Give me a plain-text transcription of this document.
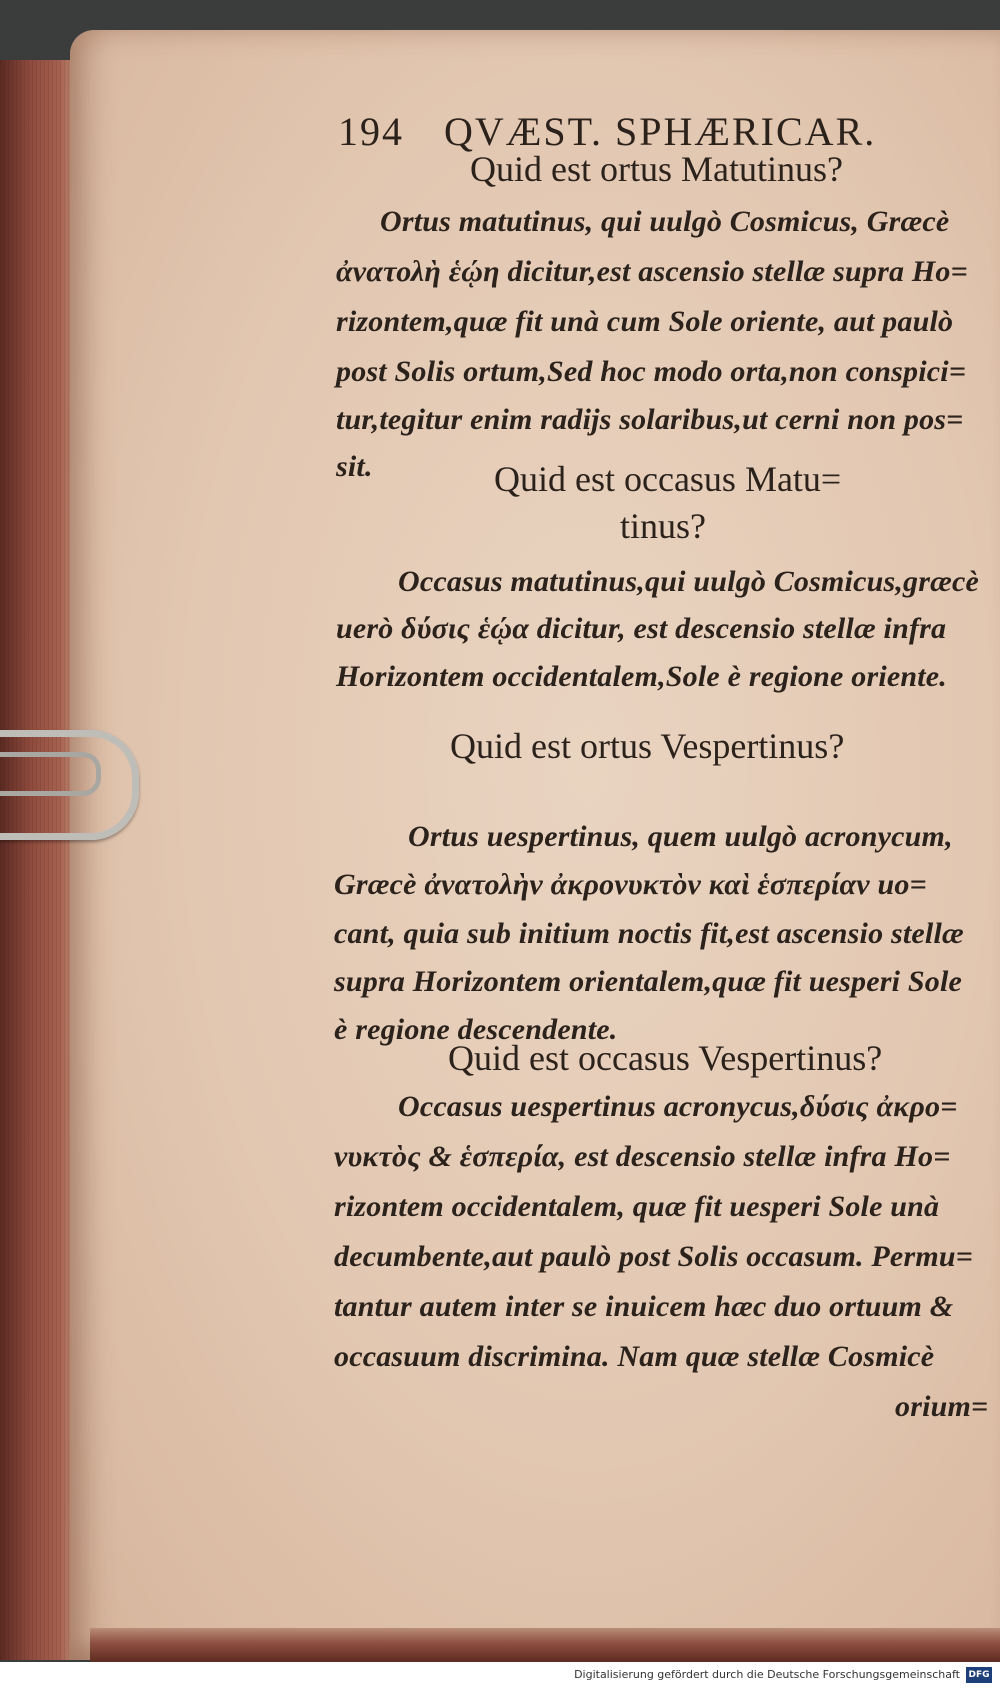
194 QVÆST. SPHÆRICAR.
Quid est ortus Matutinus?
Ortus matutinus, qui uulgò Cosmicus, Græcè
ἀνατολὴ ἑῴη dicitur,est ascensio stellæ supra Ho=
rizontem,quæ fit unà cum Sole oriente, aut paulò
post Solis ortum,Sed hoc modo orta,non conspici=
tur,tegitur enim radijs solaribus,ut cerni non pos=
sit.	Quid est occasus Matu=
tinus?
Occasus matutinus,qui uulgò Cosmicus,græcè
uerò δύσις ἑῴα dicitur, est descensio stellæ infra
Horizontem occidentalem,Sole è regione oriente.
Quid est ortus Vespertinus?
Ortus uespertinus, quem uulgò acronycum,
Græcè ἀνατολὴν ἀκρονυκτὸν καὶ ἑσπερίαν uo=
cant, quia sub initium noctis fit,est ascensio stellæ
supra Horizontem orientalem,quæ fit uesperi Sole
è regione descendente.
Quid est occasus Vespertinus?
Occasus uespertinus acronycus,δύσις ἀκρο=
νυκτὸς & ἑσπερία, est descensio stellæ infra Ho=
rizontem occidentalem, quæ fit uesperi Sole unà
decumbente,aut paulò post Solis occasum. Permu=
tantur autem inter se inuicem hæc duo ortuum &
occasuum discrimina. Nam quæ stellæ Cosmicè
orium=
Digitalisierung gefördert durch die Deutsche Forschungsgemeinschaft DFG
